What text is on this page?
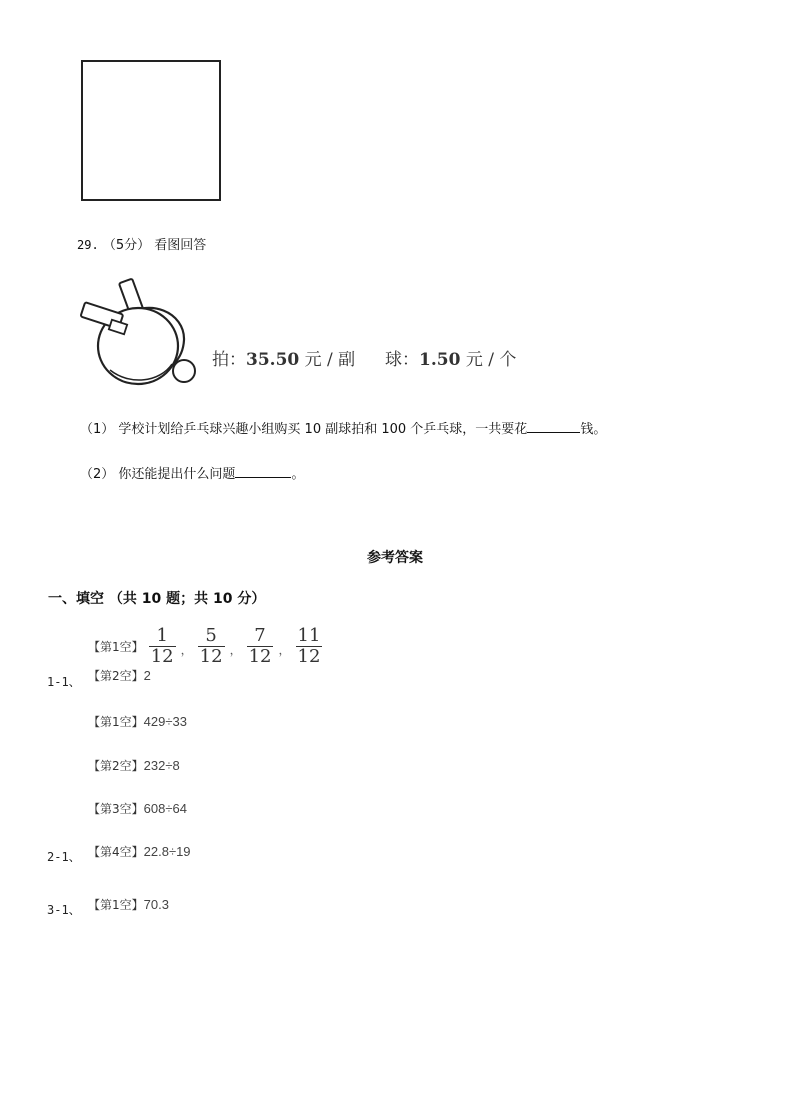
29. （5分） 看图回答
拍：35.50 元 / 副 球：1.50 元 / 个
（1） 学校计划给乒乓球兴趣小组购买 10 副球拍和 100 个乒乓球，一共要花	钱。
（2） 你还能提出什么问题	。
参考答案
一、填空 （共 10 题；共 10 分）
【第1空】 $\frac{1}{12}$ ， $\frac{5}{12}$ ， $\frac{7}{12}$ ， $\frac{11}{12}$
【第2空】2
1-1、
【第1空】429÷33
【第2空】232÷8
【第3空】608÷64
【第4空】22.8÷19
2-1、
【第1空】70.3
3-1、
